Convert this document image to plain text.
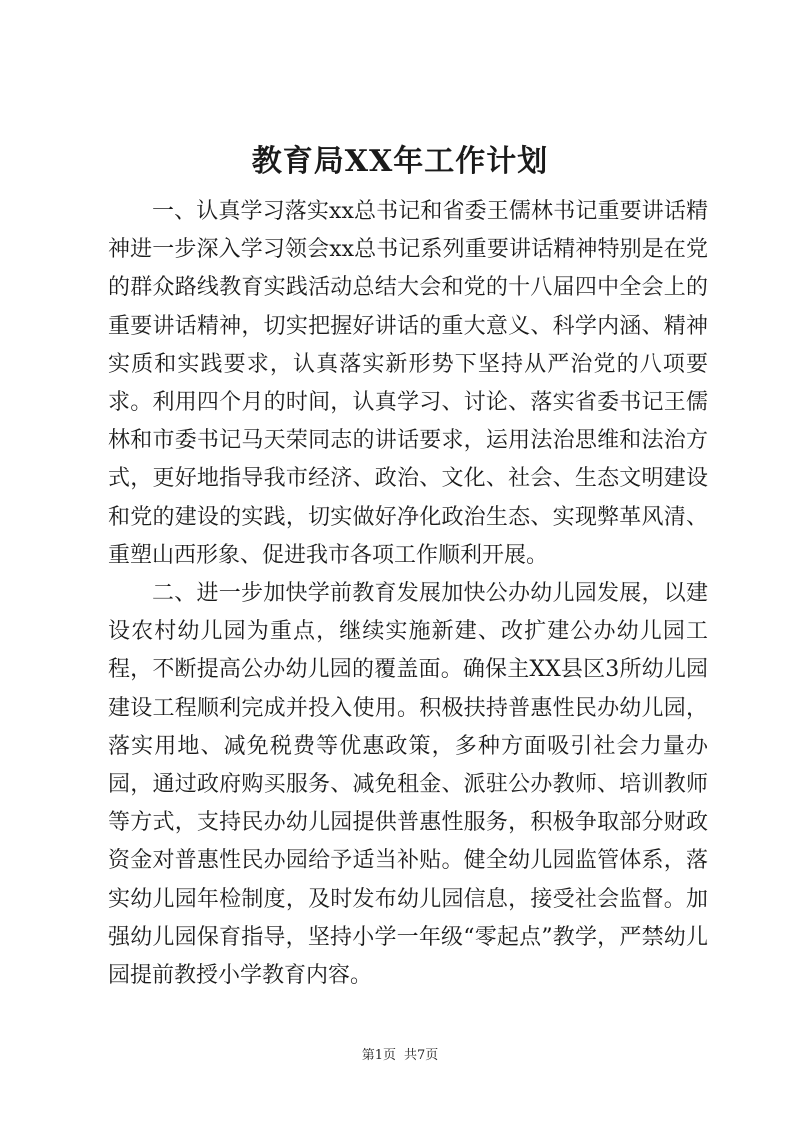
教育局XX年工作计划

一、认真学习落实xx总书记和省委王儒林书记重要讲话精神进一步深入学习领会xx总书记系列重要讲话精神特别是在党的群众路线教育实践活动总结大会和党的十八届四中全会上的重要讲话精神，切实把握好讲话的重大意义、科学内涵、精神实质和实践要求，认真落实新形势下坚持从严治党的八项要求。利用四个月的时间，认真学习、讨论、落实省委书记王儒林和市委书记马天荣同志的讲话要求，运用法治思维和法治方式，更好地指导我市经济、政治、文化、社会、生态文明建设和党的建设的实践，切实做好净化政治生态、实现弊革风清、重塑山西形象、促进我市各项工作顺利开展。

二、进一步加快学前教育发展加快公办幼儿园发展，以建设农村幼儿园为重点，继续实施新建、改扩建公办幼儿园工程，不断提高公办幼儿园的覆盖面。确保主XX县区3所幼儿园建设工程顺利完成并投入使用。积极扶持普惠性民办幼儿园，落实用地、减免税费等优惠政策，多种方面吸引社会力量办园，通过政府购买服务、减免租金、派驻公办教师、培训教师等方式，支持民办幼儿园提供普惠性服务，积极争取部分财政资金对普惠性民办园给予适当补贴。健全幼儿园监管体系，落实幼儿园年检制度，及时发布幼儿园信息，接受社会监督。加强幼儿园保育指导，坚持小学一年级“零起点”教学，严禁幼儿园提前教授小学教育内容。

第1页 共7页
